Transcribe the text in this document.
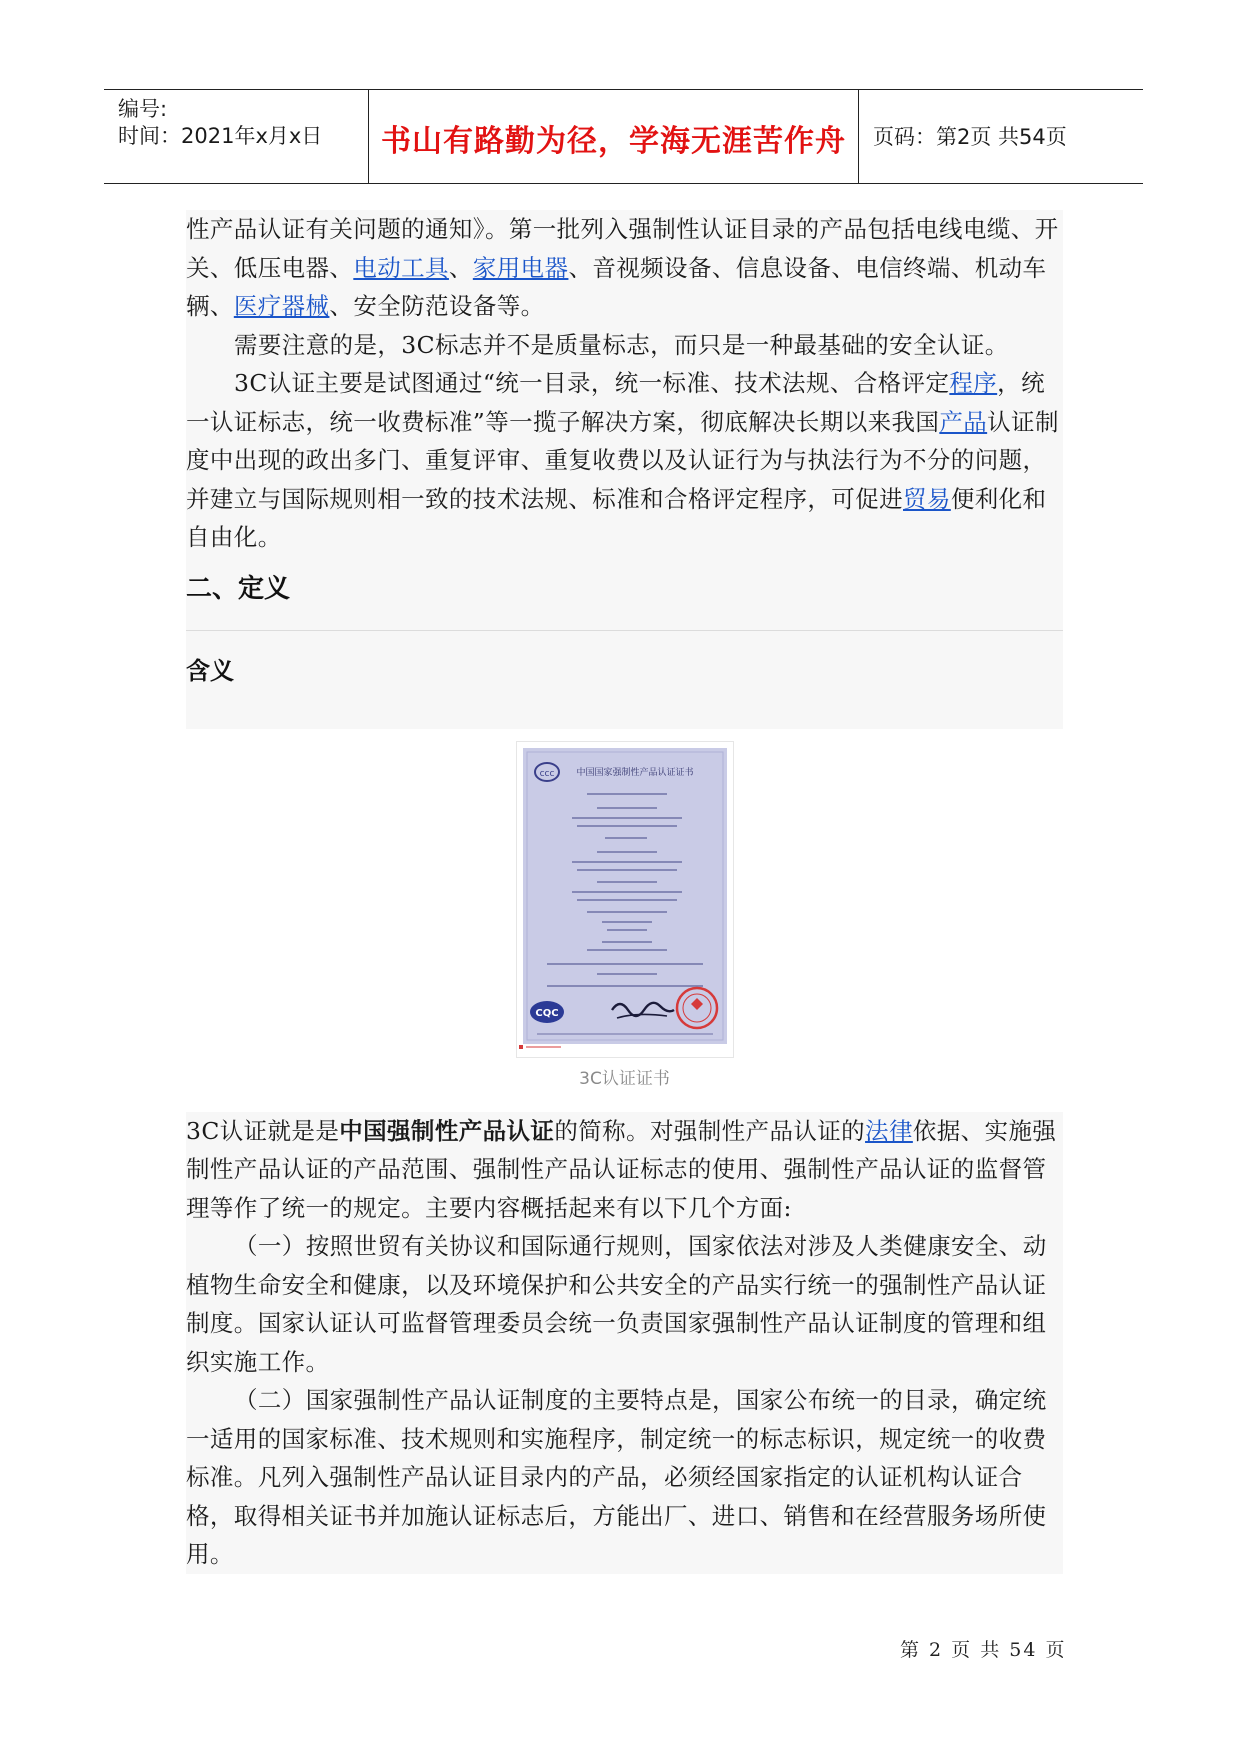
编号:
时间：2021年x月x日	书山有路勤为径，学海无涯苦作舟	页码：第2页 共54页

性产品认证有关问题的通知》。第一批列入强制性认证目录的产品包括电线电缆、开关、低压电器、电动工具、家用电器、音视频设备、信息设备、电信终端、机动车辆、医疗器械、安全防范设备等。

需要注意的是，3C标志并不是质量标志，而只是一种最基础的安全认证。

3C认证主要是试图通过“统一目录，统一标准、技术法规、合格评定程序，统一认证标志，统一收费标准”等一揽子解决方案，彻底解决长期以来我国产品认证制度中出现的政出多门、重复评审、重复收费以及认证行为与执法行为不分的问题，并建立与国际规则相一致的技术法规、标准和合格评定程序，可促进贸易便利化和自由化。

二、定义
含义
ccc 中国国家强制性产品认证证书
CQC
3C认证证书

3C认证就是是中国强制性产品认证的简称。对强制性产品认证的法律依据、实施强制性产品认证的产品范围、强制性产品认证标志的使用、强制性产品认证的监督管理等作了统一的规定。主要内容概括起来有以下几个方面:

（一）按照世贸有关协议和国际通行规则，国家依法对涉及人类健康安全、动植物生命安全和健康，以及环境保护和公共安全的产品实行统一的强制性产品认证制度。国家认证认可监督管理委员会统一负责国家强制性产品认证制度的管理和组织实施工作。

（二）国家强制性产品认证制度的主要特点是，国家公布统一的目录，确定统一适用的国家标准、技术规则和实施程序，制定统一的标志标识，规定统一的收费标准。凡列入强制性产品认证目录内的产品，必须经国家指定的认证机构认证合格，取得相关证书并加施认证标志后，方能出厂、进口、销售和在经营服务场所使用。

第 2 页 共 54 页
